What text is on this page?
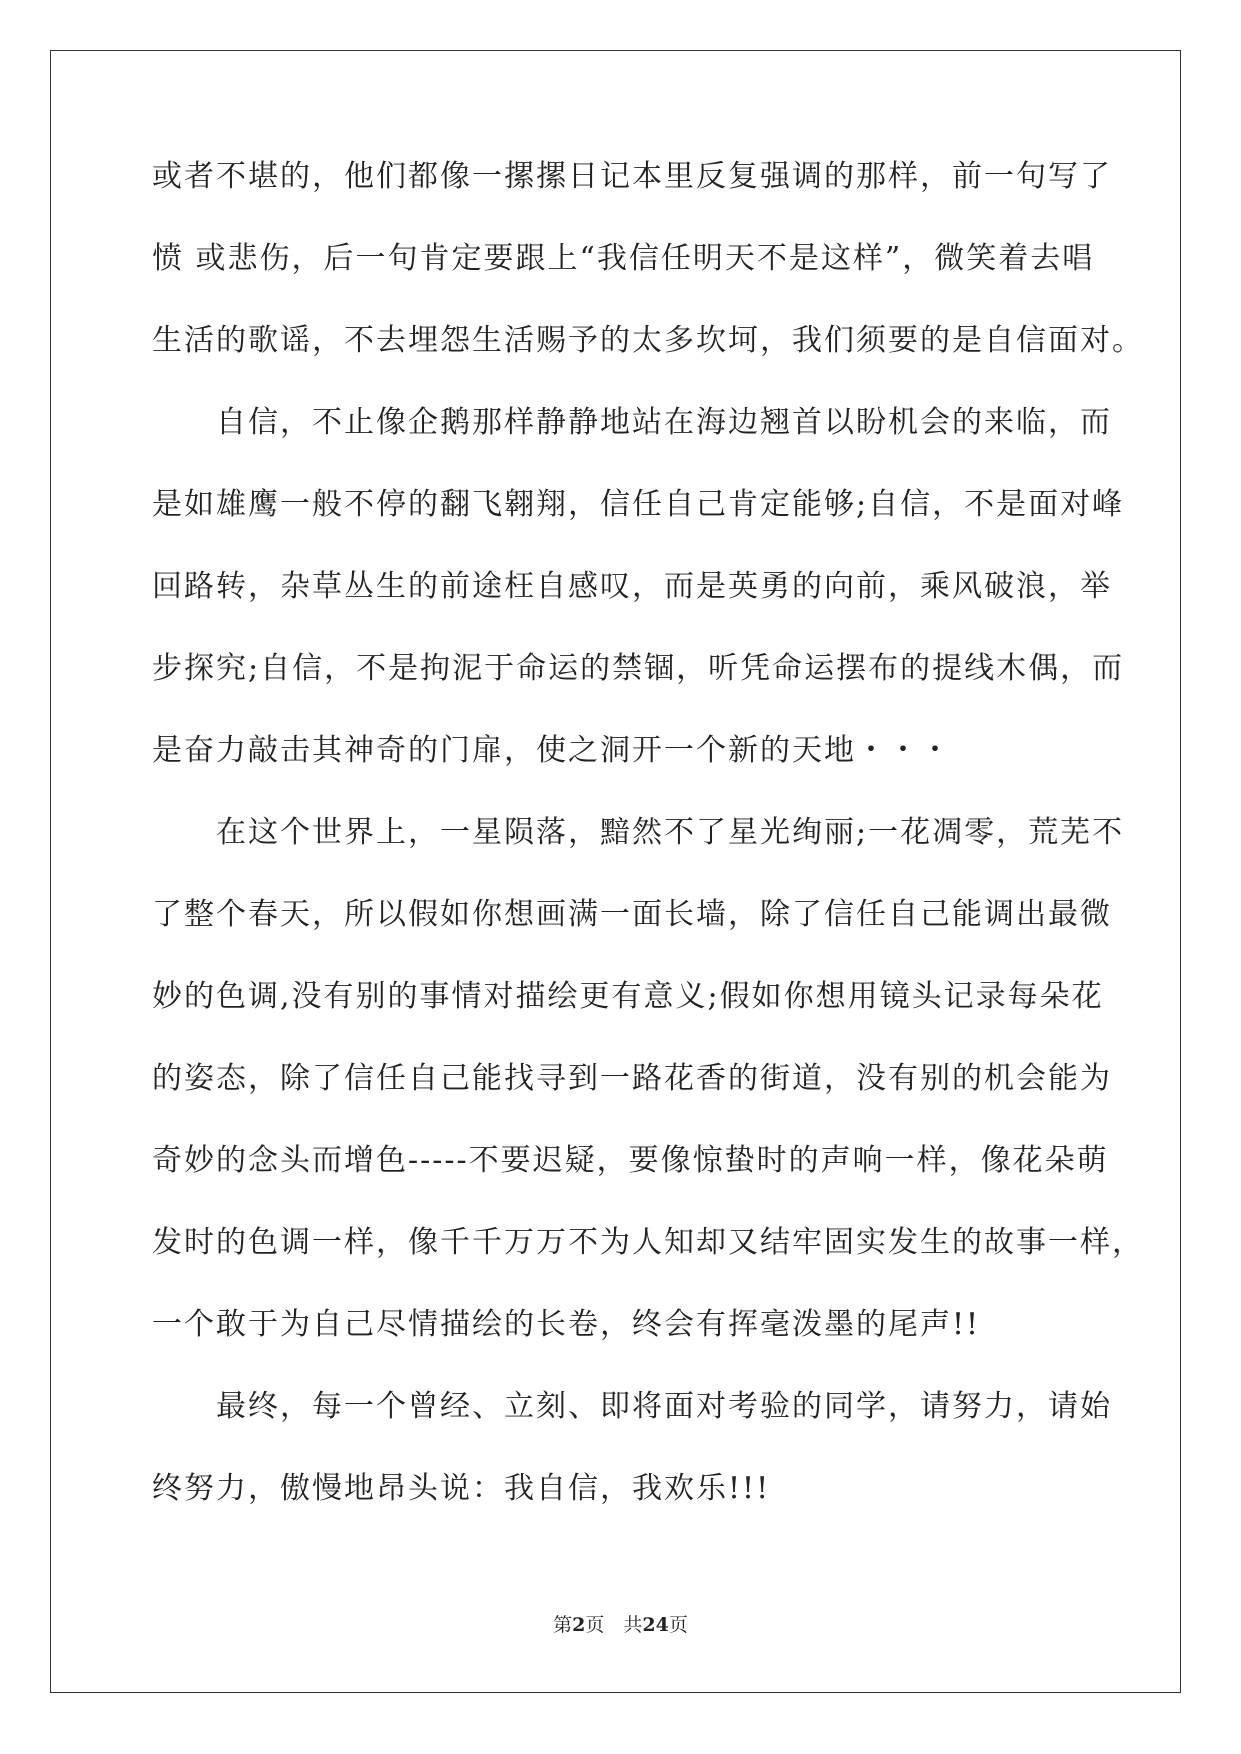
或者不堪的，他们都像一摞摞日记本里反复强调的那样，前一句写了
愤 或悲伤，后一句肯定要跟上“我信任明天不是这样”，微笑着去唱
生活的歌谣，不去埋怨生活赐予的太多坎坷，我们须要的是自信面对。
　　自信，不止像企鹅那样静静地站在海边翘首以盼机会的来临，而
是如雄鹰一般不停的翻飞翱翔，信任自己肯定能够;自信，不是面对峰
回路转，杂草丛生的前途枉自感叹，而是英勇的向前，乘风破浪，举
步探究;自信，不是拘泥于命运的禁锢，听凭命运摆布的提线木偶，而
是奋力敲击其神奇的门扉，使之洞开一个新的天地・・・
　　在这个世界上，一星陨落，黯然不了星光绚丽;一花凋零，荒芜不
了整个春天，所以假如你想画满一面长墙，除了信任自己能调出最微
妙的色调,没有别的事情对描绘更有意义;假如你想用镜头记录每朵花
的姿态，除了信任自己能找寻到一路花香的街道，没有别的机会能为
奇妙的念头而增色-----不要迟疑，要像惊蛰时的声响一样，像花朵萌
发时的色调一样，像千千万万不为人知却又结牢固实发生的故事一样，
一个敢于为自己尽情描绘的长卷，终会有挥毫泼墨的尾声!!
　　最终，每一个曾经、立刻、即将面对考验的同学，请努力，请始
终努力，傲慢地昂头说：我自信，我欢乐!!!
第2页　共24页
